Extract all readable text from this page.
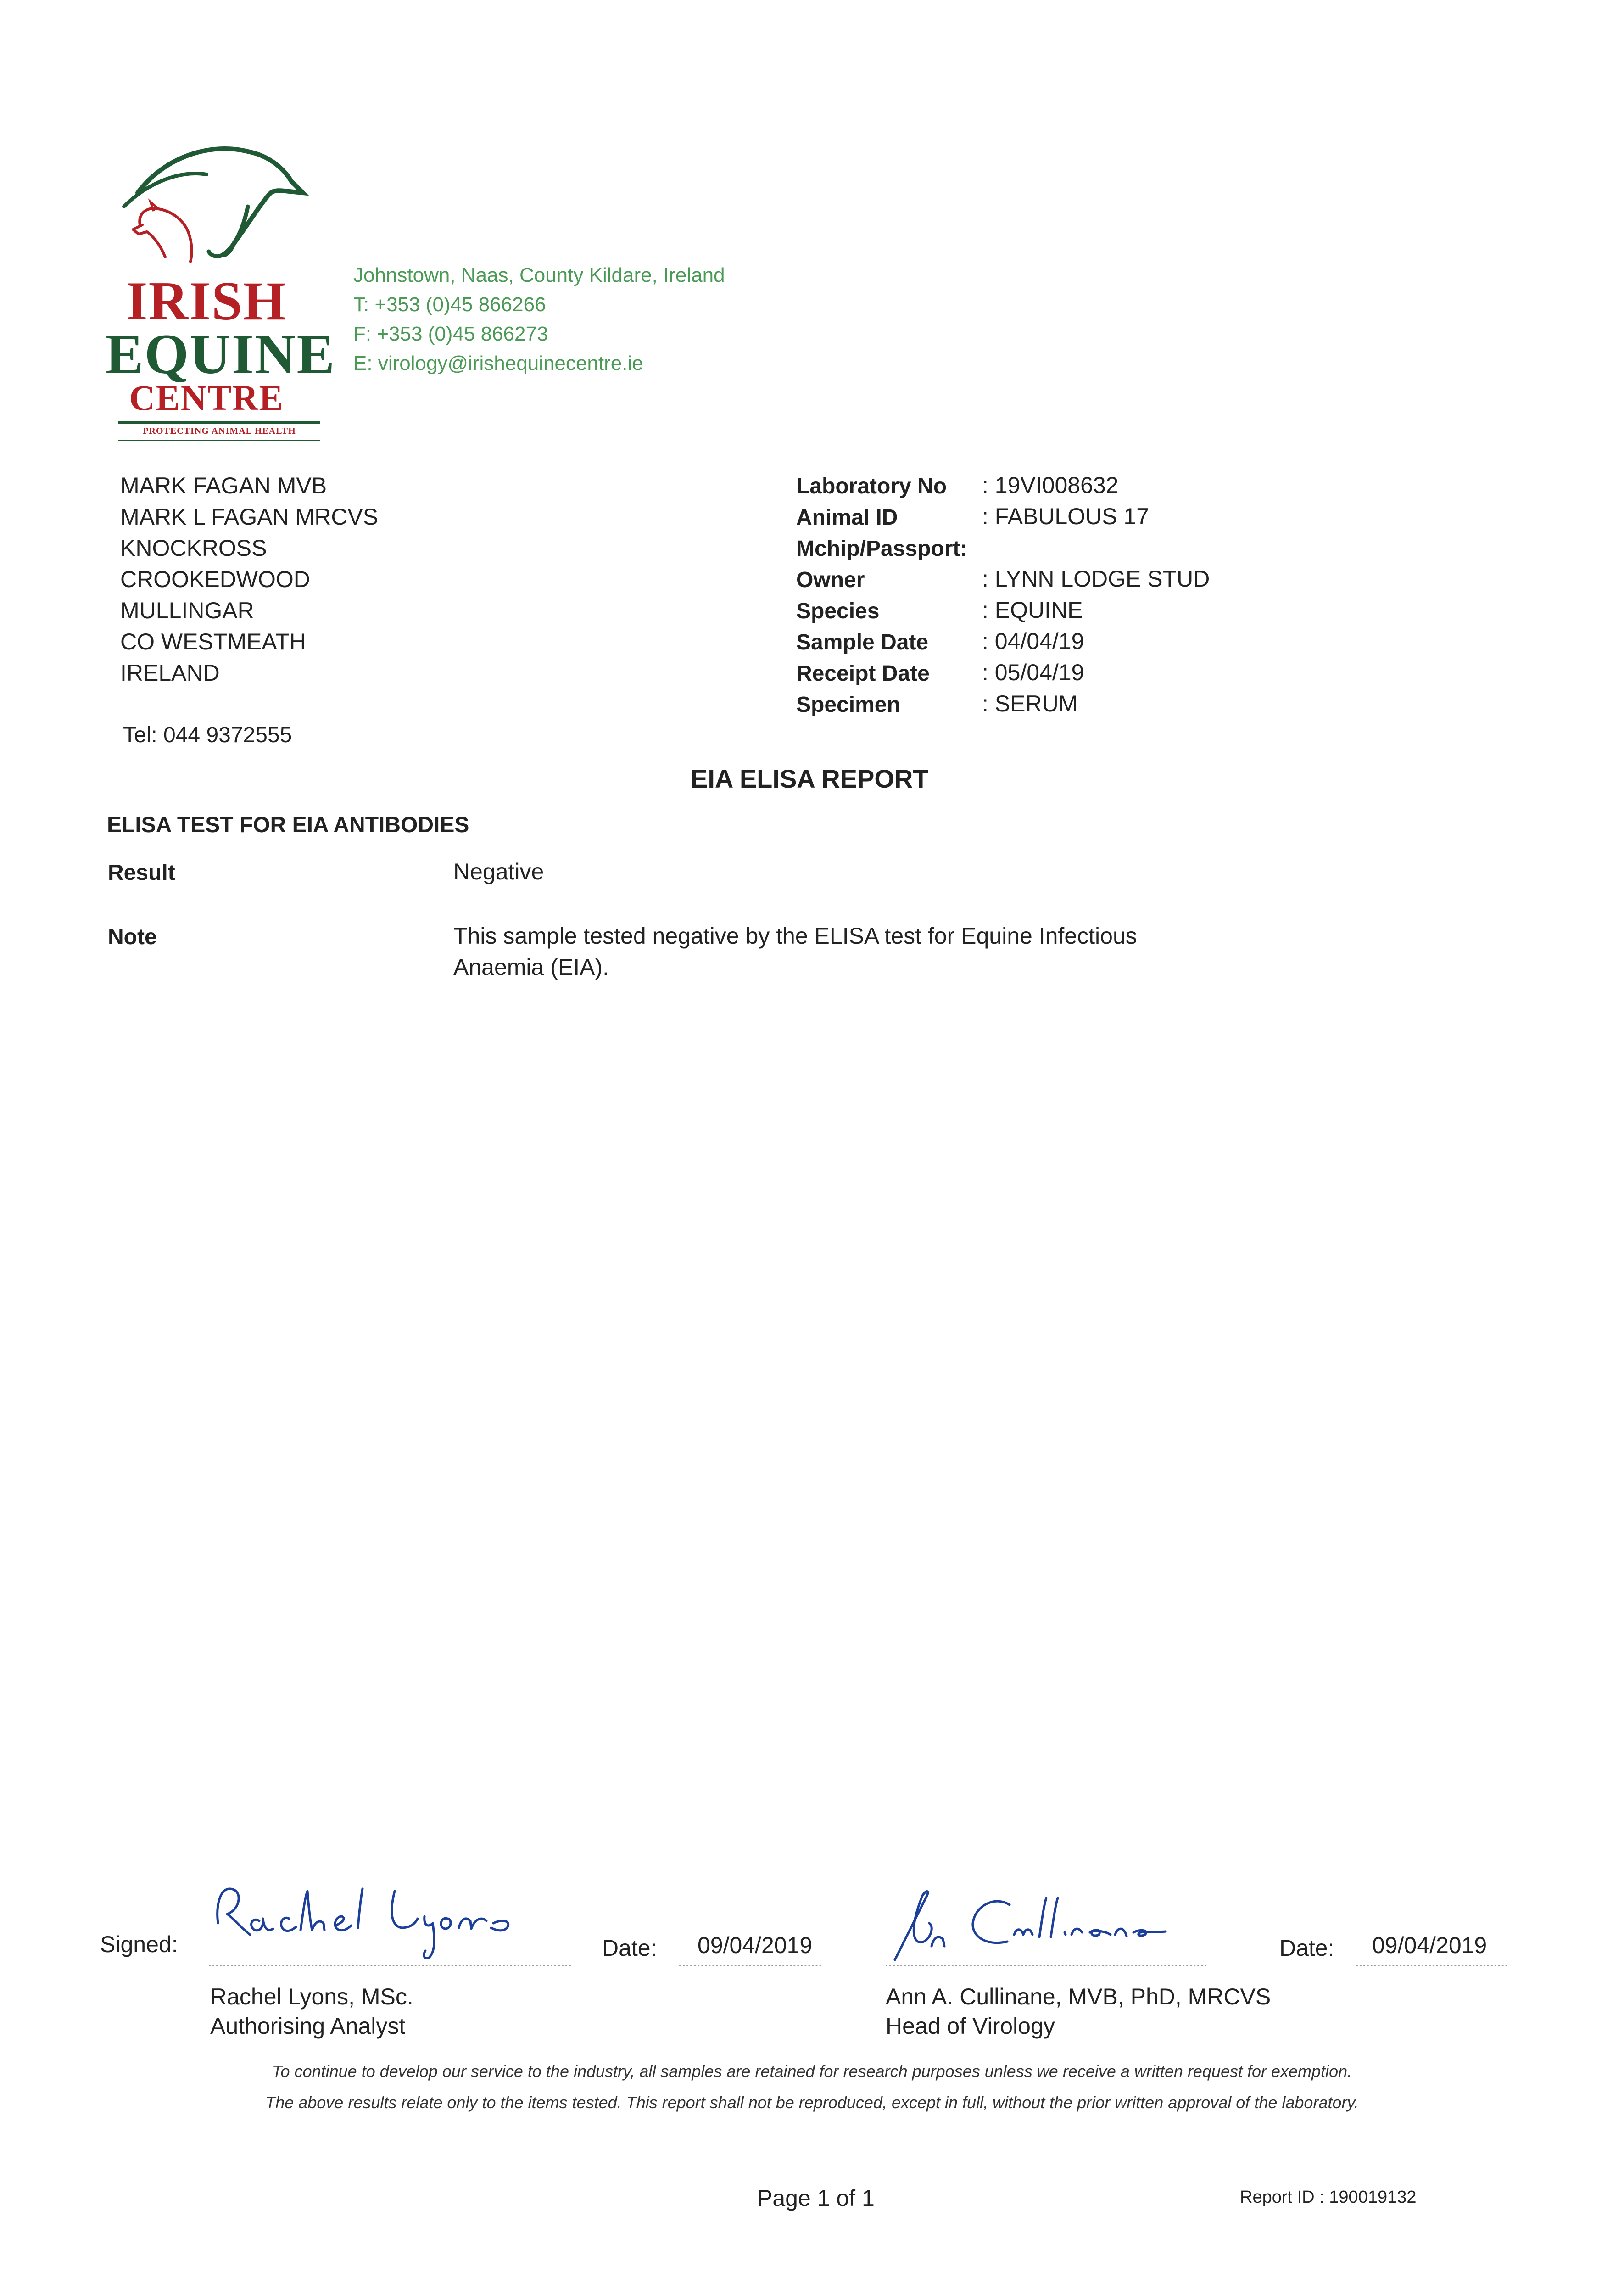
IRISH
EQUINE
CENTRE
PROTECTING ANIMAL HEALTH
Johnstown, Naas, County Kildare, Ireland
T: +353 (0)45 866266
F: +353 (0)45 866273
E: virology@irishequinecentre.ie
MARK FAGAN MVB
MARK L FAGAN MRCVS
KNOCKROSS
CROOKEDWOOD
MULLINGAR
CO WESTMEATH
IRELAND
Tel: 044 9372555
Laboratory No : 19VI008632
Animal ID	: FABULOUS 17
Mchip/Passport:
Owner	: LYNN LODGE STUD
Species	: EQUINE
Sample Date : 04/04/19
Receipt Date : 05/04/19
Specimen	: SERUM
EIA ELISA REPORT
ELISA TEST FOR EIA ANTIBODIES
Result	Negative
Note	This sample tested negative by the ELISA test for Equine Infectious
Anaemia (EIA).
Signed:	Date: 09/04/2019
Rachel Lyons, MSc.
Authorising Analyst
Date: 09/04/2019
Ann A. Cullinane, MVB, PhD, MRCVS
Head of Virology
To continue to develop our service to the industry, all samples are retained for research purposes unless we receive a written request for exemption.
The above results relate only to the items tested. This report shall not be reproduced, except in full, without the prior written approval of the laboratory.
Page 1 of 1	Report ID : 190019132
